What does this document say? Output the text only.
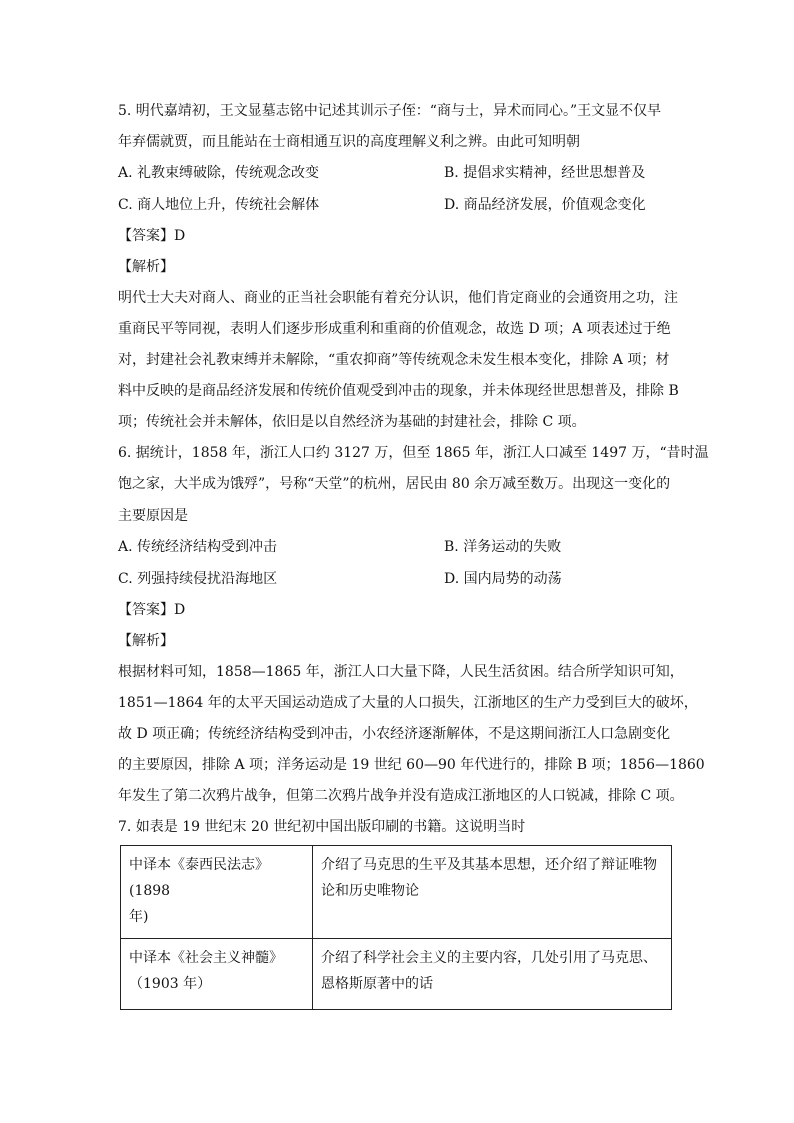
5. 明代嘉靖初，王文显墓志铭中记述其训示子侄：“商与士，异术而同心。”王文显不仅早
年弃儒就贾，而且能站在士商相通互识的高度理解义利之辨。由此可知明朝
A. 礼教束缚破除，传统观念改变	B. 提倡求实精神，经世思想普及
C. 商人地位上升，传统社会解体	D. 商品经济发展，价值观念变化
【答案】D
【解析】
明代士大夫对商人、商业的正当社会职能有着充分认识，他们肯定商业的会通资用之功，注
重商民平等同视，表明人们逐步形成重利和重商的价值观念，故选 D 项；A 项表述过于绝
对，封建社会礼教束缚并未解除，“重农抑商”等传统观念未发生根本变化，排除 A 项；材
料中反映的是商品经济发展和传统价值观受到冲击的现象，并未体现经世思想普及，排除 B
项；传统社会并未解体，依旧是以自然经济为基础的封建社会，排除 C 项。
6. 据统计，1858 年，浙江人口约 3127 万，但至 1865 年，浙江人口减至 1497 万，“昔时温
饱之家，大半成为饿殍”，号称“天堂”的杭州，居民由 80 余万减至数万。出现这一变化的
主要原因是
A. 传统经济结构受到冲击	B. 洋务运动的失败
C. 列强持续侵扰沿海地区	D. 国内局势的动荡
【答案】D
【解析】
根据材料可知，1858—1865 年，浙江人口大量下降，人民生活贫困。结合所学知识可知，
1851—1864 年的太平天国运动造成了大量的人口损失，江浙地区的生产力受到巨大的破坏，
故 D 项正确；传统经济结构受到冲击，小农经济逐渐解体，不是这期间浙江人口急剧变化
的主要原因，排除 A 项；洋务运动是 19 世纪 60—90 年代进行的，排除 B 项；1856—1860
年发生了第二次鸦片战争，但第二次鸦片战争并没有造成江浙地区的人口锐减，排除 C 项。
7. 如表是 19 世纪末 20 世纪初中国出版印刷的书籍。这说明当时
中译本《泰西民法志》(1898
年)	介绍了马克思的生平及其基本思想，还介绍了辩证唯物
论和历史唯物论
中译本《社会主义神髓》
（1903 年）	介绍了科学社会主义的主要内容，几处引用了马克思、
恩格斯原著中的话
